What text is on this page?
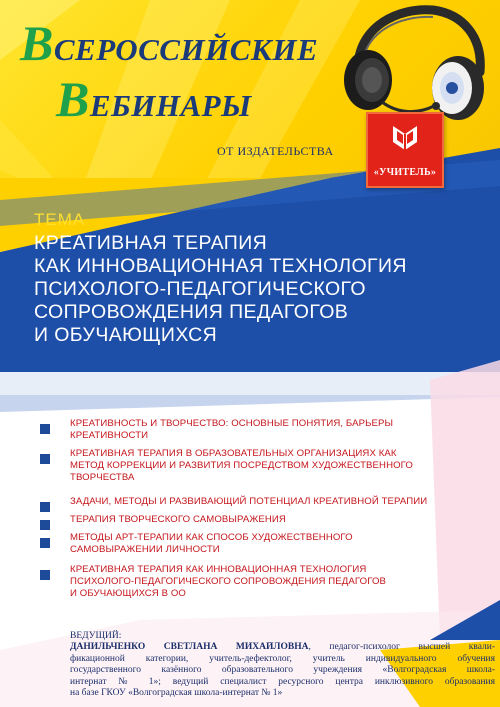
ВСЕРОССИЙСКИЕ
ВЕБИНАРЫ
ОТ ИЗДАТЕЛЬСТВА
«УЧИТЕЛЬ»
ТЕМА
КРЕАТИВНАЯ ТЕРАПИЯ
КАК ИННОВАЦИОННАЯ ТЕХНОЛОГИЯ
ПСИХОЛОГО-ПЕДАГОГИЧЕСКОГО
СОПРОВОЖДЕНИЯ ПЕДАГОГОВ
И ОБУЧАЮЩИХСЯ
КРЕАТИВНОСТЬ И ТВОРЧЕСТВО: ОСНОВНЫЕ ПОНЯТИЯ, БАРЬЕРЫ
КРЕАТИВНОСТИ
КРЕАТИВНАЯ ТЕРАПИЯ В ОБРАЗОВАТЕЛЬНЫХ ОРГАНИЗАЦИЯХ КАК
МЕТОД КОРРЕКЦИИ И РАЗВИТИЯ ПОСРЕДСТВОМ ХУДОЖЕСТВЕННОГО
ТВОРЧЕСТВА
ЗАДАЧИ, МЕТОДЫ И РАЗВИВАЮЩИЙ ПОТЕНЦИАЛ КРЕАТИВНОЙ ТЕРАПИИ
ТЕРАПИЯ ТВОРЧЕСКОГО САМОВЫРАЖЕНИЯ
МЕТОДЫ АРТ-ТЕРАПИИ КАК СПОСОБ ХУДОЖЕСТВЕННОГО
САМОВЫРАЖЕНИИ ЛИЧНОСТИ
КРЕАТИВНАЯ ТЕРАПИЯ КАК ИННОВАЦИОННАЯ ТЕХНОЛОГИЯ
ПСИХОЛОГО-ПЕДАГОГИЧЕСКОГО СОПРОВОЖДЕНИЯ ПЕДАГОГОВ
И ОБУЧАЮЩИХСЯ В ОО
ВЕДУЩИЙ:
ДАНИЛЬЧЕНКО СВЕТЛАНА МИХАЙЛОВНА, педагог-психолог высшей квали-
фикационной категории, учитель-дефектолог, учитель индивидуального обучения
государственного казённого образовательного учреждения «Волгоградская школа-
интернат № 1»; ведущий специалист ресурсного центра инклюзивного образования
на базе ГКОУ «Волгоградская школа-интернат № 1»
